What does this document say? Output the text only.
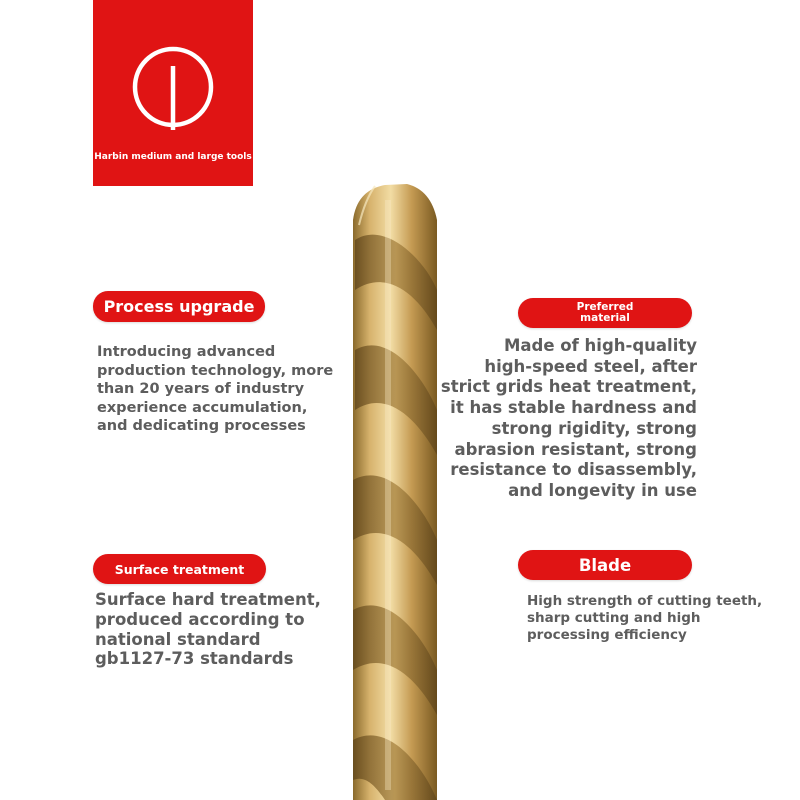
Harbin medium and large tools
Process upgrade

Introducing advanced
production technology, more
than 20 years of industry
experience accumulation,
and dedicating processes

Preferred
material

Made of high-quality
high-speed steel, after
strict grids heat treatment,
it has stable hardness and
strong rigidity, strong
abrasion resistant, strong
resistance to disassembly,
and longevity in use

Surface treatment

Surface hard treatment,
produced according to
national standard
gb1127-73 standards

Blade

High strength of cutting teeth,
sharp cutting and high
processing efficiency
